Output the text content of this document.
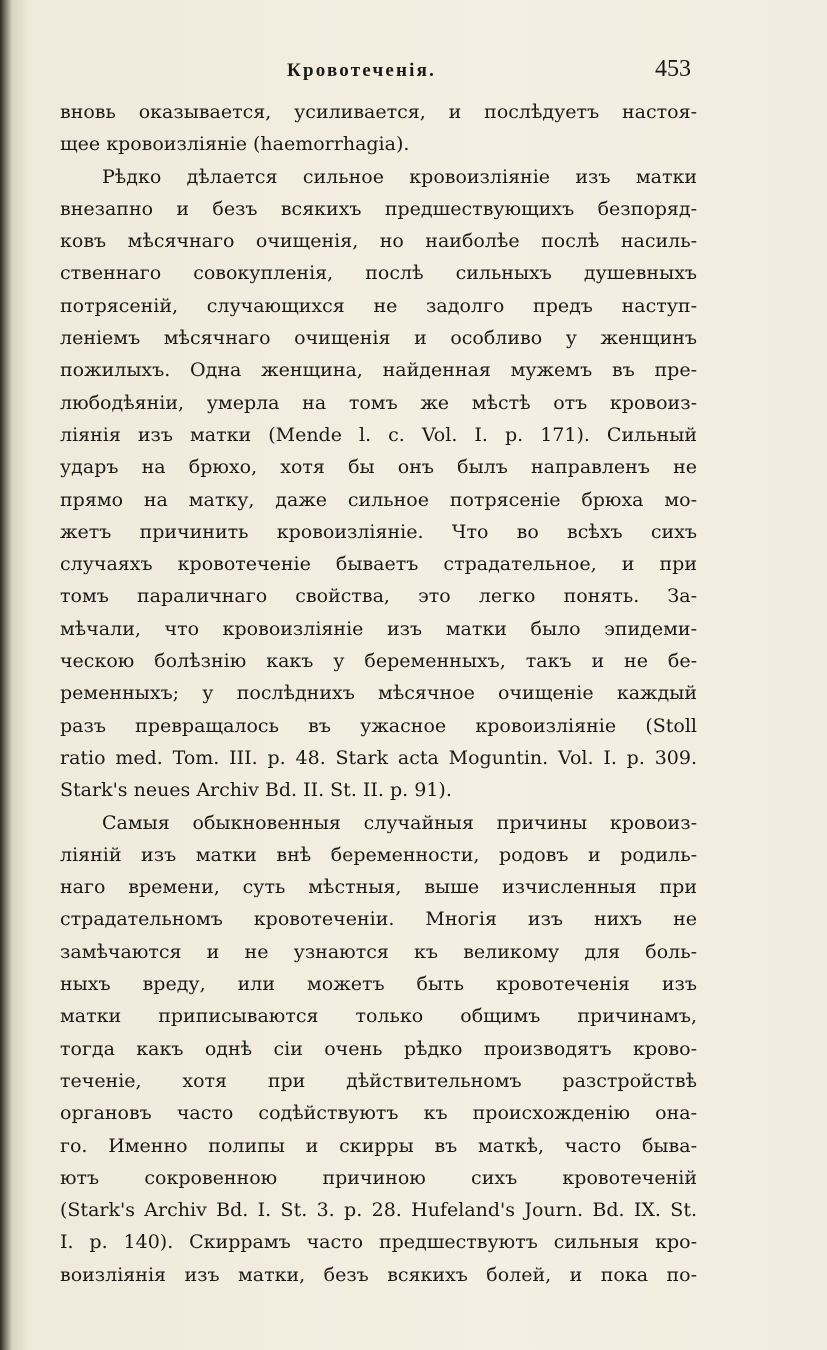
Кровотеченія.	453
вновь оказывается, усиливается, и послѣдуетъ настоя-
щее кровоизліяніе (haemorrhagia).
Рѣдко дѣлается сильное кровоизліяніе изъ матки
внезапно и безъ всякихъ предшествующихъ безпоряд-
ковъ мѣсячнаго очищенія, но наиболѣе послѣ насиль-
ственнаго совокупленія, послѣ сильныхъ душевныхъ
потрясеній, случающихся не задолго предъ наступ-
леніемъ мѣсячнаго очищенія и особливо у женщинъ
пожилыхъ. Одна женщина, найденная мужемъ въ пре-
любодѣяніи, умерла на томъ же мѣстѣ отъ кровоиз-
ліянія изъ матки (Mende l. c. Vol. I. p. 171). Сильный
ударъ на брюхо, хотя бы онъ былъ направленъ не
прямо на матку, даже сильное потрясеніе брюха мо-
жетъ причинить кровоизліяніе. Что во всѣхъ сихъ
случаяхъ кровотеченіе бываетъ страдательное, и при
томъ параличнаго свойства, это легко понять. За-
мѣчали, что кровоизліяніе изъ матки было эпидеми-
ческою болѣзнію какъ у беременныхъ, такъ и не бе-
ременныхъ; у послѣднихъ мѣсячное очищеніе каждый
разъ превращалось въ ужасное кровоизліяніе (Stoll
ratio med. Tom. III. p. 48. Stark acta Moguntin. Vol. I. p. 309.
Stark's neues Archiv Bd. II. St. II. p. 91).
Самыя обыкновенныя случайныя причины кровоиз-
ліяній изъ матки внѣ беременности, родовъ и родиль-
наго времени, суть мѣстныя, выше изчисленныя при
страдательномъ кровотеченіи. Многія изъ нихъ не
замѣчаются и не узнаются къ великому для боль-
ныхъ вреду, или можетъ быть кровотеченія изъ
матки приписываются только общимъ причинамъ,
тогда какъ однѣ сіи очень рѣдко производятъ крово-
теченіе, хотя при дѣйствительномъ разстройствѣ
органовъ часто содѣйствуютъ къ происхожденію она-
го. Именно полипы и скирры въ маткѣ, часто быва-
ютъ сокровенною причиною сихъ кровотеченій
(Stark's Archiv Bd. I. St. 3. p. 28. Hufeland's Journ. Bd. IX. St.
I. p. 140). Скиррамъ часто предшествуютъ сильныя кро-
воизліянія изъ матки, безъ всякихъ болей, и пока по-
